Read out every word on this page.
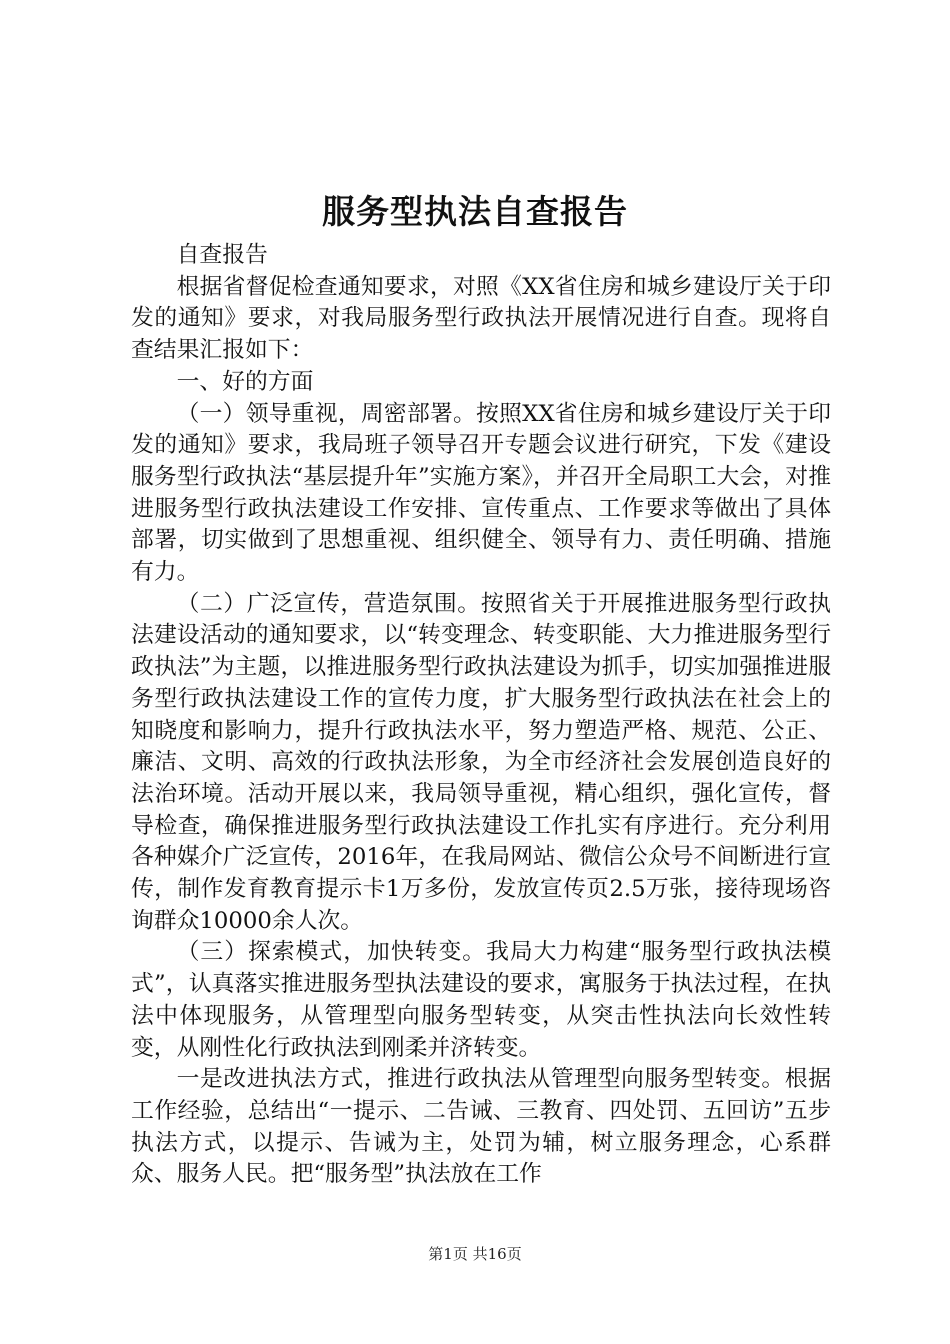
服务型执法自查报告

自查报告

根据省督促检查通知要求，对照《XX省住房和城乡建设厅关于印发的通知》要求，对我局服务型行政执法开展情况进行自查。现将自查结果汇报如下：

一、好的方面

（一）领导重视，周密部署。按照XX省住房和城乡建设厅关于印发的通知》要求，我局班子领导召开专题会议进行研究，下发《建设服务型行政执法“基层提升年”实施方案》，并召开全局职工大会，对推进服务型行政执法建设工作安排、宣传重点、工作要求等做出了具体部署，切实做到了思想重视、组织健全、领导有力、责任明确、措施有力。

（二）广泛宣传，营造氛围。按照省关于开展推进服务型行政执法建设活动的通知要求，以“转变理念、转变职能、大力推进服务型行政执法”为主题，以推进服务型行政执法建设为抓手，切实加强推进服务型行政执法建设工作的宣传力度，扩大服务型行政执法在社会上的知晓度和影响力，提升行政执法水平，努力塑造严格、规范、公正、廉洁、文明、高效的行政执法形象，为全市经济社会发展创造良好的法治环境。活动开展以来，我局领导重视，精心组织，强化宣传，督导检查，确保推进服务型行政执法建设工作扎实有序进行。充分利用各种媒介广泛宣传，2016年，在我局网站、微信公众号不间断进行宣传，制作发育教育提示卡1万多份，发放宣传页2.5万张，接待现场咨询群众10000余人次。

（三）探索模式，加快转变。我局大力构建“服务型行政执法模式”，认真落实推进服务型执法建设的要求，寓服务于执法过程，在执法中体现服务，从管理型向服务型转变，从突击性执法向长效性转变，从刚性化行政执法到刚柔并济转变。

一是改进执法方式，推进行政执法从管理型向服务型转变。根据工作经验，总结出“一提示、二告诫、三教育、四处罚、五回访”五步执法方式，以提示、告诫为主，处罚为辅，树立服务理念，心系群众、服务人民。把“服务型”执法放在工作

第1页 共16页
